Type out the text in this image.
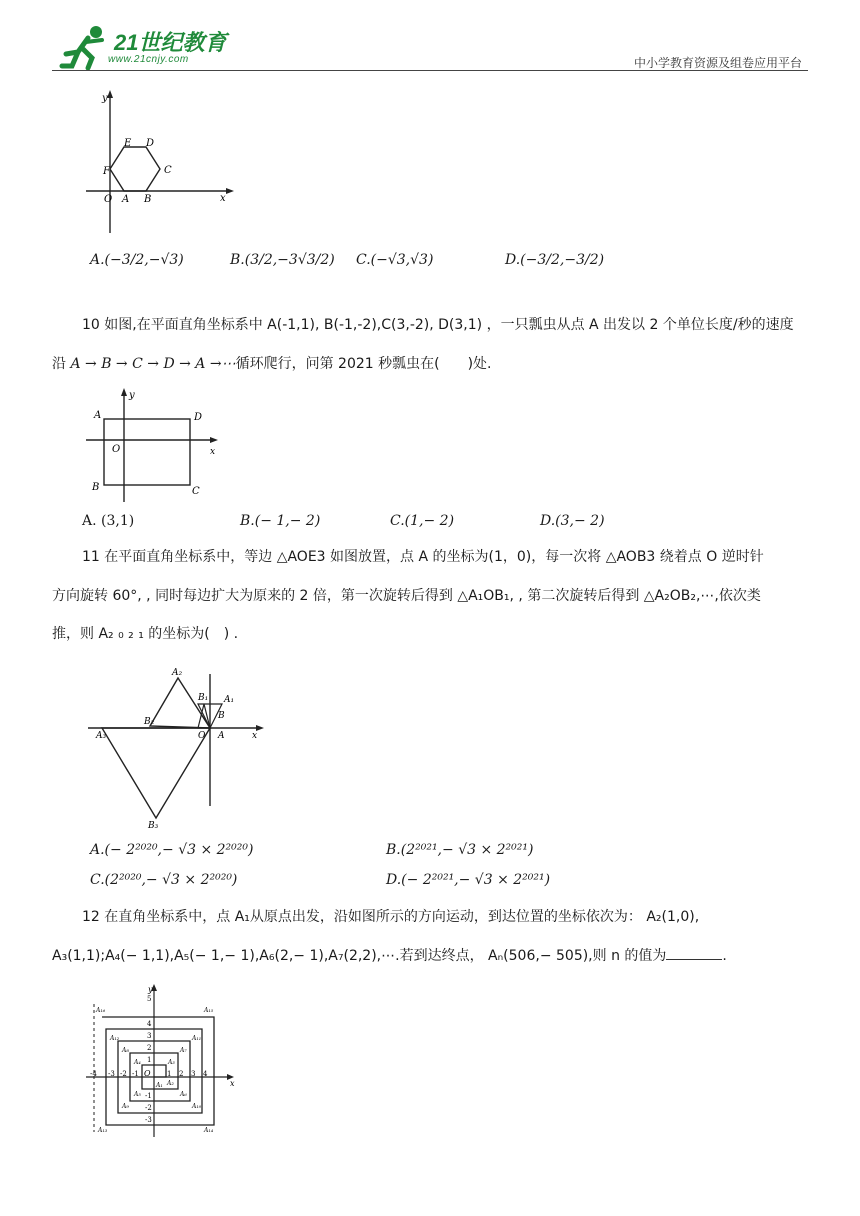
21世纪教育
www.21cnjy.com	中小学教育资源及组卷应用平台
y
x
O A B
C
D
E
F
A.(−3/2,−√3)	B.(3/2,−3√3/2) C.(−√3,√3)	D.(−3/2,−3/2)
10 如图,在平面直角坐标系中 A(-1,1), B(-1,-2),C(3,-2), D(3,1) ，一只瓢虫从点 A 出发以 2 个单位长度/秒的速度
沿 A → B → C → D → A →⋯循环爬行，问第 2021 秒瓢虫在(　　)处.
y
x
O
A
B	C
D
A. (3,1)	B.(− 1,− 2)	C.(1,− 2)	D.(3,− 2)
11 在平面直角坐标系中，等边 △AOE3 如图放置，点 A 的坐标为(1，0)，每一次将 △AOB3 绕着点 O 逆时针
方向旋转 60°, , 同时每边扩大为原来的 2 倍，第一次旋转后得到 △A₁OB₁, , 第二次旋转后得到 △A₂OB₂,⋯,依次类
推，则 A₂ ₀ ₂ ₁ 的坐标为(　) .
x
O A
B
A₁
B₁
A₂
B₂
A₃
B₃
A.(− 2²⁰²⁰,− √3 × 2²⁰²⁰)	B.(2²⁰²¹,− √3 × 2²⁰²¹)
C.(2²⁰²⁰,− √3 × 2²⁰²⁰)	D.(− 2²⁰²¹,− √3 × 2²⁰²¹)
12 在直角坐标系中，点 A₁从原点出发，沿如图所示的方向运动，到达位置的坐标依次为： A₂(1,0),
A₃(1,1);A₄(− 1,1),A₅(− 1,− 1),A₆(2,− 1),A₇(2,2),⋯.若到达终点， Aₙ(506,− 505),则 n 的值为	.
y
x
O
-4 -3 -2 -1	1 2 3 4
5
4
3
2
1
-1
-2
-3
A₁ A₂
A₃
A₄
A₅	A₆
A₇
A₈
A₉	A₁₀
A₁₁
A₁₂
A₁₃	A₁₄
A₁₅
A₁₆
